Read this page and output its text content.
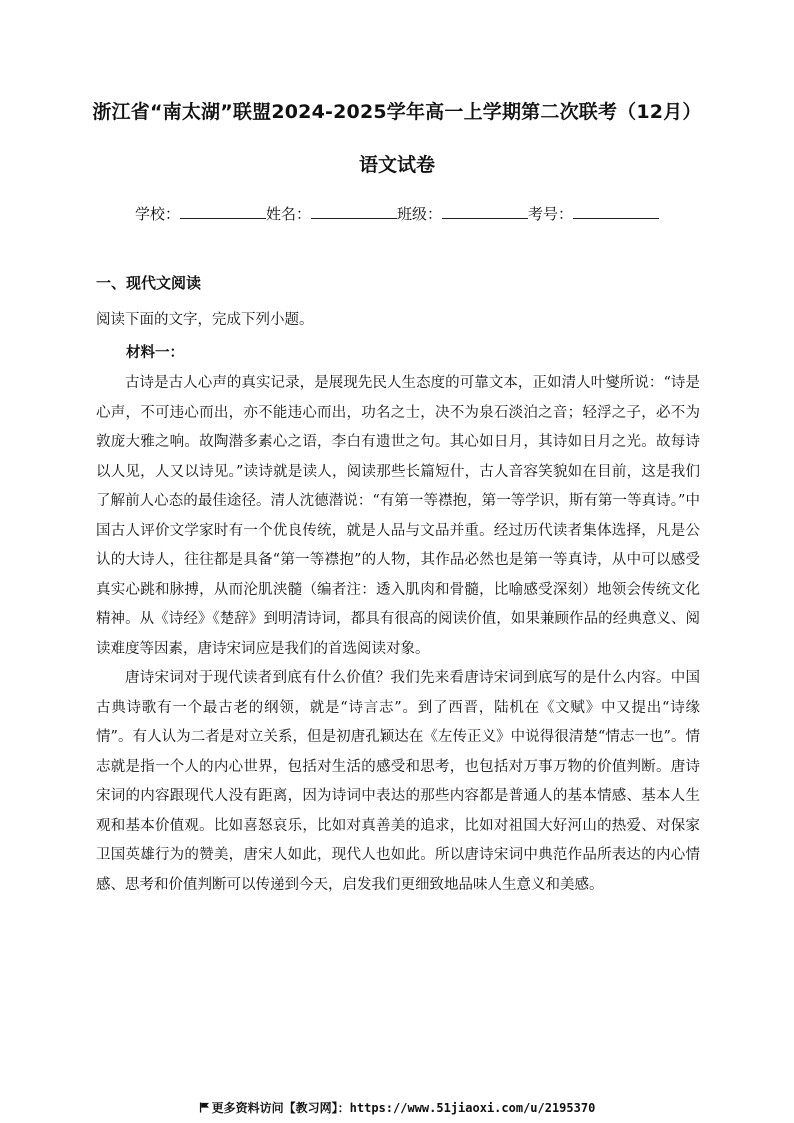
浙江省“南太湖”联盟2024-2025学年高一上学期第二次联考（12月）
语文试卷
学校：	姓名：	班级：	考号：
一、现代文阅读
阅读下面的文字，完成下列小题。
材料一：

古诗是古人心声的真实记录，是展现先民人生态度的可靠文本，正如清人叶燮所说：“诗是心声，不可违心而出，亦不能违心而出，功名之士，决不为泉石淡泊之音；轻浮之子，必不为敦庞大雅之响。故陶潜多素心之语，李白有遗世之句。其心如日月，其诗如日月之光。故每诗以人见，人又以诗见。”读诗就是读人，阅读那些长篇短什，古人音容笑貌如在目前，这是我们了解前人心态的最佳途径。清人沈德潜说：“有第一等襟抱，第一等学识，斯有第一等真诗。”中国古人评价文学家时有一个优良传统，就是人品与文品并重。经过历代读者集体选择，凡是公认的大诗人，往往都是具备“第一等襟抱”的人物，其作品必然也是第一等真诗，从中可以感受真实心跳和脉搏，从而沦肌浃髓（编者注：透入肌肉和骨髓，比喻感受深刻）地领会传统文化精神。从《诗经》《楚辞》到明清诗词，都具有很高的阅读价值，如果兼顾作品的经典意义、阅读难度等因素，唐诗宋词应是我们的首选阅读对象。

唐诗宋词对于现代读者到底有什么价值？我们先来看唐诗宋词到底写的是什么内容。中国古典诗歌有一个最古老的纲领，就是“诗言志”。到了西晋，陆机在《文赋》中又提出“诗缘情”。有人认为二者是对立关系，但是初唐孔颖达在《左传正义》中说得很清楚“情志一也”。情志就是指一个人的内心世界，包括对生活的感受和思考，也包括对万事万物的价值判断。唐诗宋词的内容跟现代人没有距离，因为诗词中表达的那些内容都是普通人的基本情感、基本人生观和基本价值观。比如喜怒哀乐，比如对真善美的追求，比如对祖国大好河山的热爱、对保家卫国英雄行为的赞美，唐宋人如此，现代人也如此。所以唐诗宋词中典范作品所表达的内心情感、思考和价值判断可以传递到今天，启发我们更细致地品味人生意义和美感。

更多资料访问【教习网】：https://www.51jiaoxi.com/u/2195370
